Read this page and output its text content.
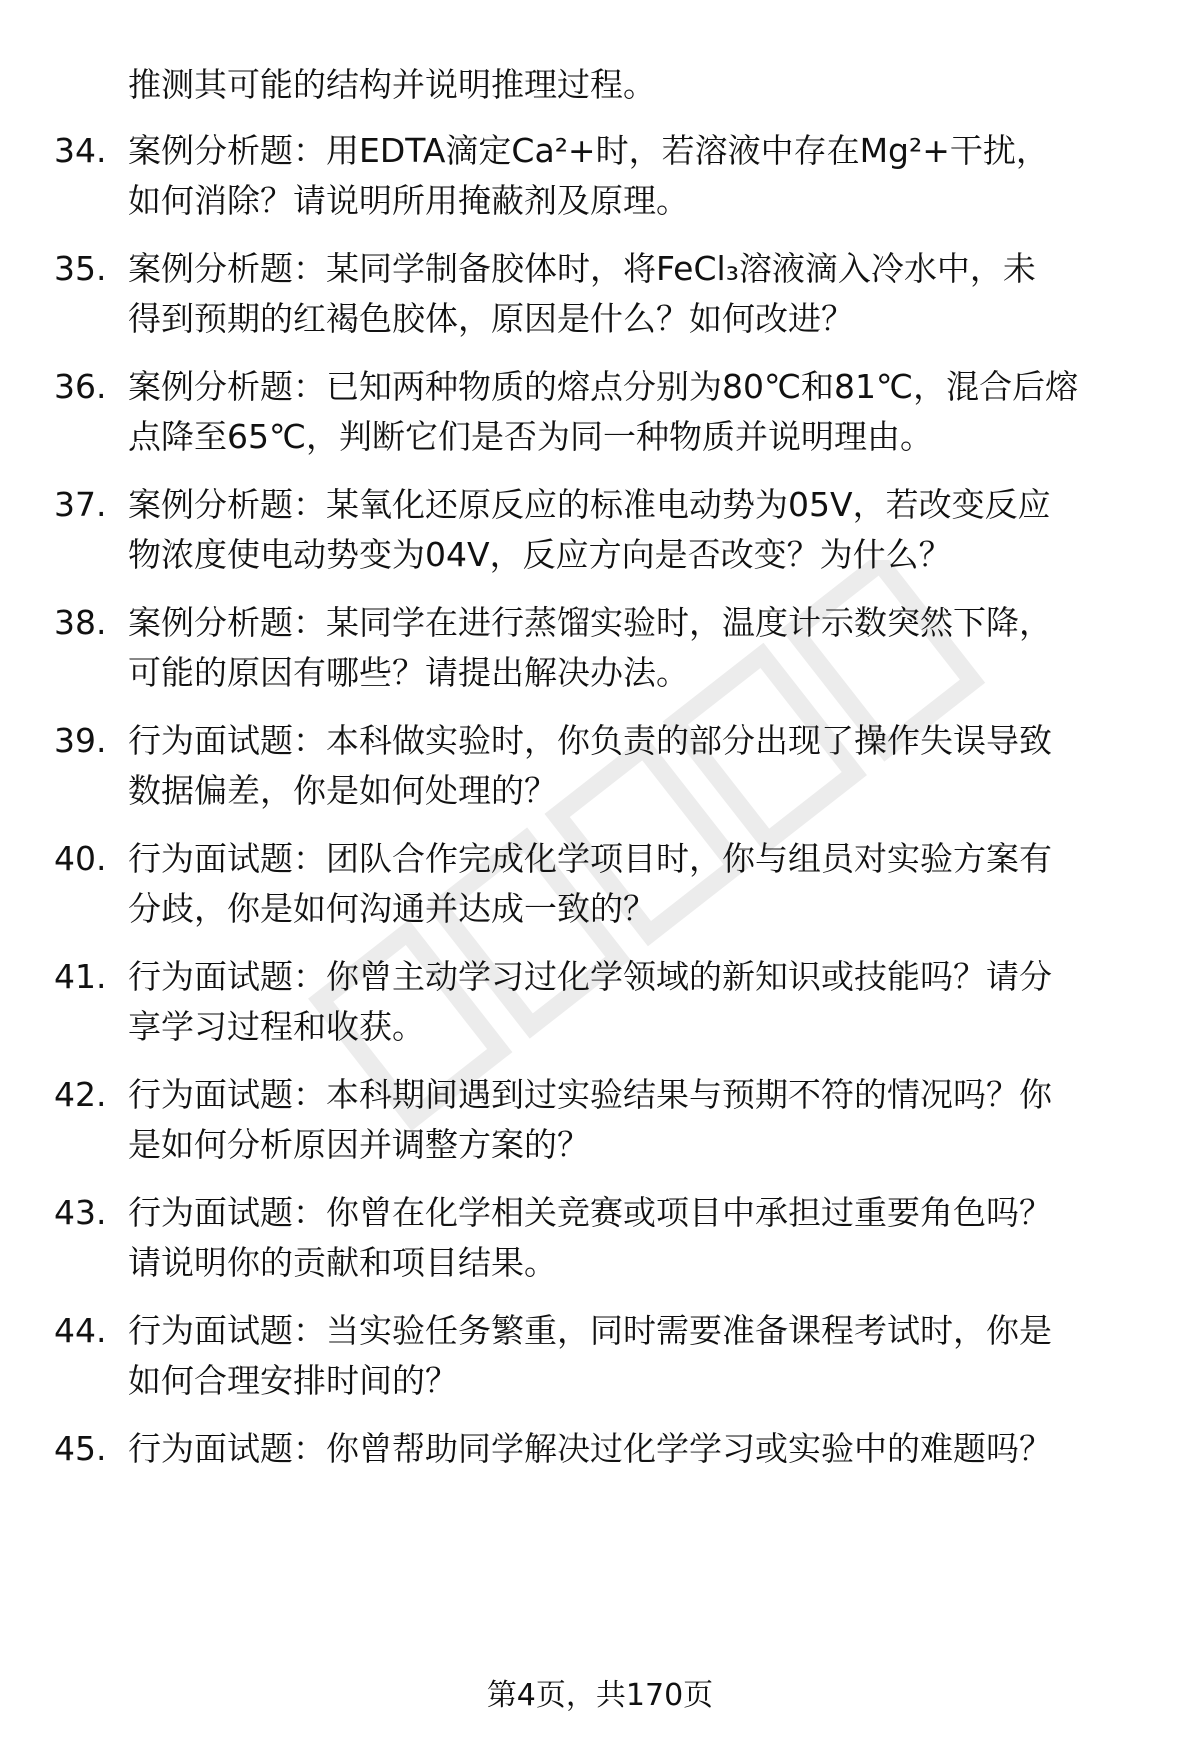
推测其可能的结构并说明推理过程。
34. 案例分析题：用EDTA滴定Ca²+时，若溶液中存在Mg²+干扰，
如何消除？请说明所用掩蔽剂及原理。
35. 案例分析题：某同学制备胶体时，将FeCl₃溶液滴入冷水中，未
得到预期的红褐色胶体，原因是什么？如何改进？
36. 案例分析题：已知两种物质的熔点分别为80℃和81℃，混合后熔
点降至65℃，判断它们是否为同一种物质并说明理由。
37. 案例分析题：某氧化还原反应的标准电动势为05V，若改变反应
物浓度使电动势变为04V，反应方向是否改变？为什么？
38. 案例分析题：某同学在进行蒸馏实验时，温度计示数突然下降，
可能的原因有哪些？请提出解决办法。
39. 行为面试题：本科做实验时，你负责的部分出现了操作失误导致
数据偏差，你是如何处理的？
40. 行为面试题：团队合作完成化学项目时，你与组员对实验方案有
分歧，你是如何沟通并达成一致的？
41. 行为面试题：你曾主动学习过化学领域的新知识或技能吗？请分
享学习过程和收获。
42. 行为面试题：本科期间遇到过实验结果与预期不符的情况吗？你
是如何分析原因并调整方案的？
43. 行为面试题：你曾在化学相关竞赛或项目中承担过重要角色吗？
请说明你的贡献和项目结果。
44. 行为面试题：当实验任务繁重，同时需要准备课程考试时，你是
如何合理安排时间的？
45. 行为面试题：你曾帮助同学解决过化学学习或实验中的难题吗？
第4页，共170页
